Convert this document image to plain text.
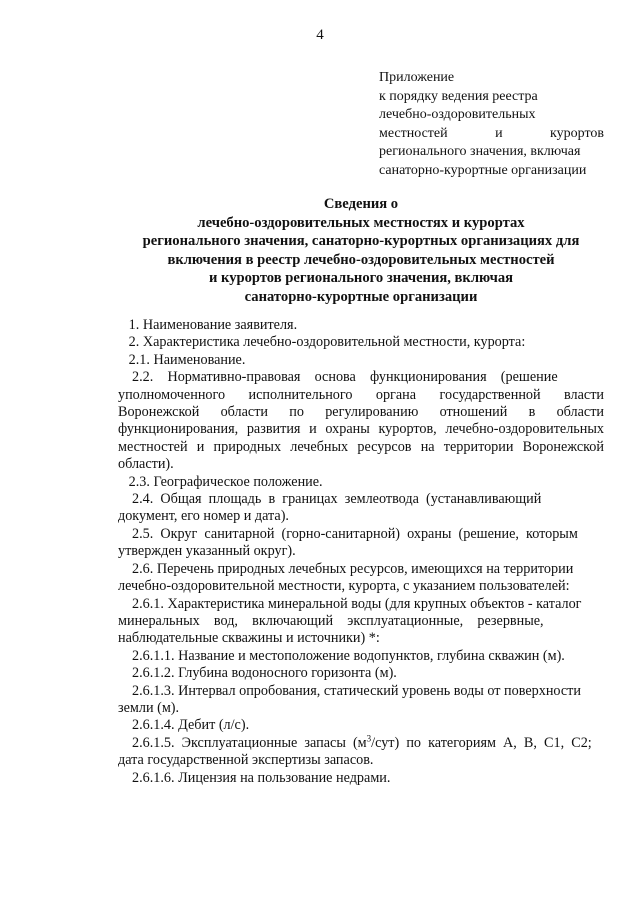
4
Приложение
к порядку ведения реестра
лечебно-оздоровительных
местностей и курортов
регионального значения, включая
санаторно-курортные организации
Сведения о
лечебно-оздоровительных местностях и курортах
регионального значения, санаторно-курортных организациях для
включения в реестр лечебно-оздоровительных местностей
и курортов регионального значения, включая
санаторно-курортные организации
1. Наименование заявителя.
2. Характеристика лечебно-оздоровительной местности, курорта:
2.1. Наименование.
2.2.    Нормативно-правовая    основа    функционирования    (решение
уполномоченного   исполнительного   органа   государственной   власти
Воронежской   области   по   регулированию   отношений   в   области
функционирования, развития и охраны курортов, лечебно-оздоровительных
местностей и природных лечебных ресурсов на территории Воронежской
области).
2.3. Географическое положение.
2.4.  Общая  площадь  в  границах  землеотвода  (устанавливающий
документ, его номер и дата).
2.5.  Округ  санитарной  (горно-санитарной)  охраны  (решение,  которым
утвержден указанный округ).
2.6. Перечень природных лечебных ресурсов, имеющихся на территории
лечебно-оздоровительной местности, курорта, с указанием пользователей:
2.6.1. Характеристика минеральной воды (для крупных объектов - каталог
минеральных    вод,    включающий    эксплуатационные,    резервные,
наблюдательные скважины и источники) *:
2.6.1.1. Название и местоположение водопунктов, глубина скважин (м).
2.6.1.2. Глубина водоносного горизонта (м).
2.6.1.3. Интервал опробования, статический уровень воды от поверхности
земли (м).
2.6.1.4. Дебит (л/с).
2.6.1.5.  Эксплуатационные  запасы  $(м^3/сут)$  по  категориям  А,  В,  С1,  С2;
дата государственной экспертизы запасов.
2.6.1.6. Лицензия на пользование недрами.
